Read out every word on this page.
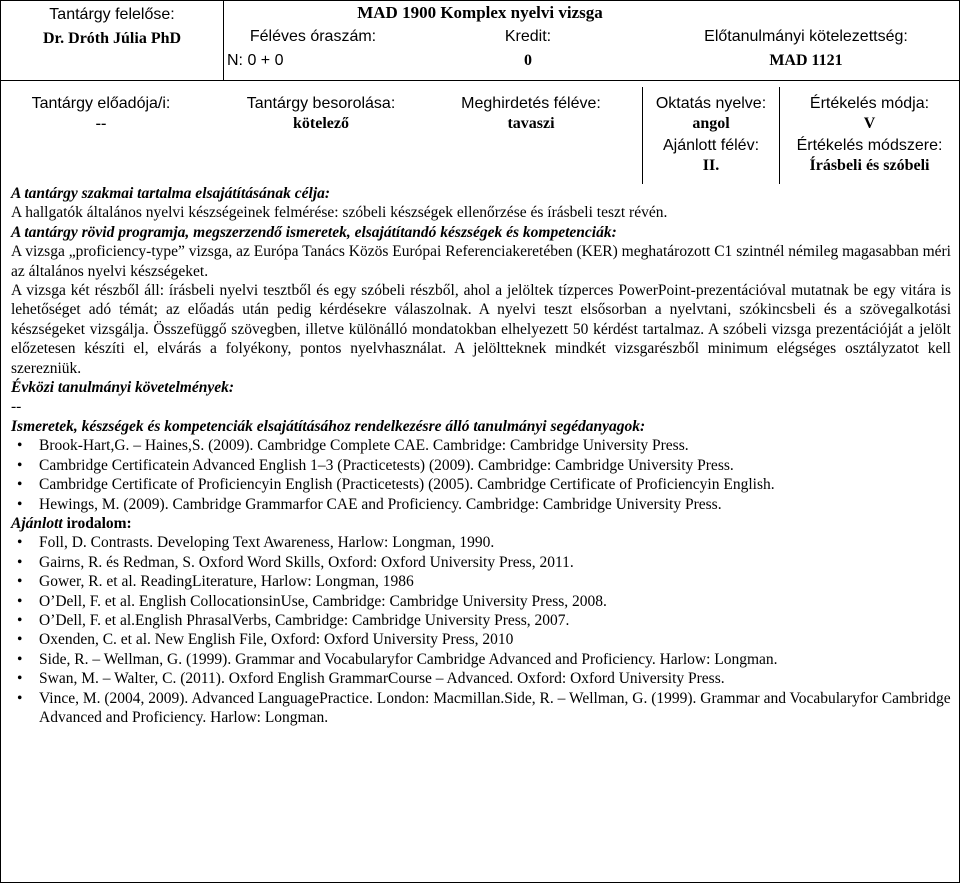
MAD 1900 Komplex nyelvi vizsga
Tantárgy felelőse:
Dr. Dróth Júlia PhD	Féléves óraszám:
N: 0 + 0
Kredit:
0
Előtanulmányi kötelezettség:
MAD 1121
Tantárgy előadója/i:
--
Tantárgy besorolása:
kötelező
Meghirdetés féléve:
tavaszi
Oktatás nyelve:
angol
Ajánlott félév:
II.
Értékelés módja:
V
Értékelés módszere:
Írásbeli és szóbeli

A tantárgy szakmai tartalma elsajátításának célja:

A hallgatók általános nyelvi készségeinek felmérése: szóbeli készségek ellenőrzése és írásbeli teszt révén.

A tantárgy rövid programja, megszerzendő ismeretek, elsajátítandó készségek és kompetenciák:

A vizsga „proficiency-type” vizsga, az Európa Tanács Közös Európai Referenciakeretében (KER) meghatározott C1 szintnél némileg magasabban méri az általános nyelvi készségeket.

A vizsga két részből áll: írásbeli nyelvi tesztből és egy szóbeli részből, ahol a jelöltek tízperces PowerPoint-prezentációval mutatnak be egy vitára is lehetőséget adó témát; az előadás után pedig kérdésekre válaszolnak. A nyelvi teszt elsősorban a nyelvtani, szókincsbeli és a szövegalkotási készségeket vizsgálja. Összefüggő szövegben, illetve különálló mondatokban elhelyezett 50 kérdést tartalmaz. A szóbeli vizsga prezentációját a jelölt előzetesen készíti el, elvárás a folyékony, pontos nyelvhasználat. A jelöltteknek mindkét vizsgarészből minimum elégséges osztályzatot kell szerezniük.

Évközi tanulmányi követelmények:

--

Ismeretek, készségek és kompetenciák elsajátításához rendelkezésre álló tanulmányi segédanyagok:

• Brook-Hart,G. – Haines,S. (2009). Cambridge Complete CAE. Cambridge: Cambridge University Press.
• Cambridge Certificatein Advanced English 1–3 (Practicetests) (2009). Cambridge: Cambridge University Press.
• Cambridge Certificate of Proficiencyin English (Practicetests) (2005). Cambridge Certificate of Proficiencyin English.
• Hewings, M. (2009). Cambridge Grammarfor CAE and Proficiency. Cambridge: Cambridge University Press.

Ajánlott irodalom:

• Foll, D. Contrasts. Developing Text Awareness, Harlow: Longman, 1990.
• Gairns, R. és Redman, S. Oxford Word Skills, Oxford: Oxford University Press, 2011.
• Gower, R. et al. ReadingLiterature, Harlow: Longman, 1986
• O’Dell, F. et al. English CollocationsinUse, Cambridge: Cambridge University Press, 2008.
• O’Dell, F. et al.English PhrasalVerbs, Cambridge: Cambridge University Press, 2007.
• Oxenden, C. et al. New English File, Oxford: Oxford University Press, 2010
• Side, R. – Wellman, G. (1999). Grammar and Vocabularyfor Cambridge Advanced and Proficiency. Harlow: Longman.
• Swan, M. – Walter, C. (2011). Oxford English GrammarCourse – Advanced. Oxford: Oxford University Press.
• Vince, M. (2004, 2009). Advanced LanguagePractice. London: Macmillan.Side, R. – Wellman, G. (1999). Grammar and Vocabularyfor Cambridge Advanced and Proficiency. Harlow: Longman.
